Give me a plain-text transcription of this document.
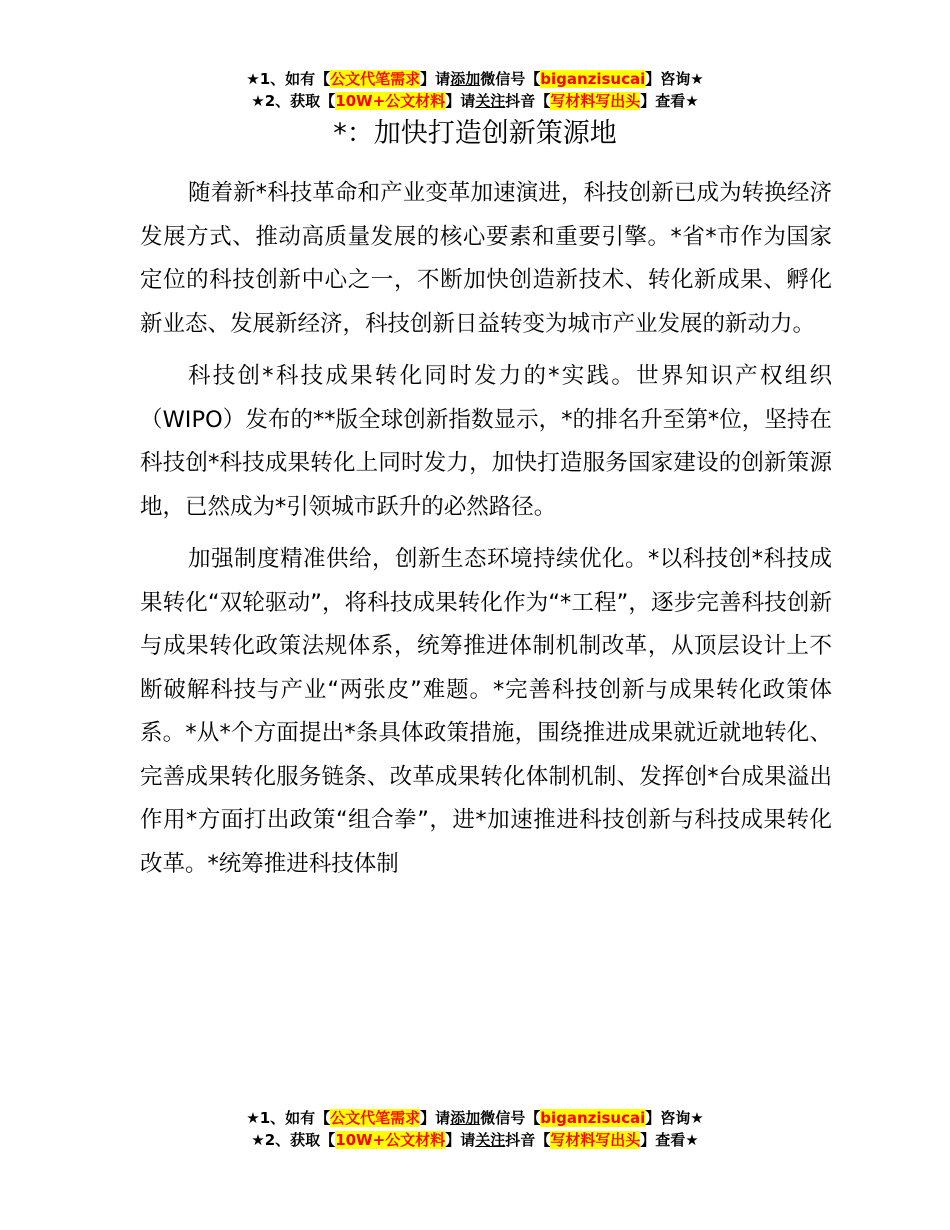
★1、如有【公文代笔需求】请添加微信号【biganzisucai】咨询★
★2、获取【10W+公文材料】请关注抖音【写材料写出头】查看★
*：加快打造创新策源地

随着新*科技革命和产业变革加速演进，科技创新已成为转换经济发展方式、推动高质量发展的核心要素和重要引擎。*省*市作为国家定位的科技创新中心之一，不断加快创造新技术、转化新成果、孵化新业态、发展新经济，科技创新日益转变为城市产业发展的新动力。

科技创*科技成果转化同时发力的*实践。世界知识产权组织（WIPO）发布的**版全球创新指数显示，*的排名升至第*位，坚持在科技创*科技成果转化上同时发力，加快打造服务国家建设的创新策源地，已然成为*引领城市跃升的必然路径。

加强制度精准供给，创新生态环境持续优化。*以科技创*科技成果转化“双轮驱动”，将科技成果转化作为“*工程”，逐步完善科技创新与成果转化政策法规体系，统筹推进体制机制改革，从顶层设计上不断破解科技与产业“两张皮”难题。*完善科技创新与成果转化政策体系。*从*个方面提出*条具体政策措施，围绕推进成果就近就地转化、完善成果转化服务链条、改革成果转化体制机制、发挥创*台成果溢出作用*方面打出政策“组合拳”，进*加速推进科技创新与科技成果转化改革。*统筹推进科技体制

★1、如有【公文代笔需求】请添加微信号【biganzisucai】咨询★
★2、获取【10W+公文材料】请关注抖音【写材料写出头】查看★
